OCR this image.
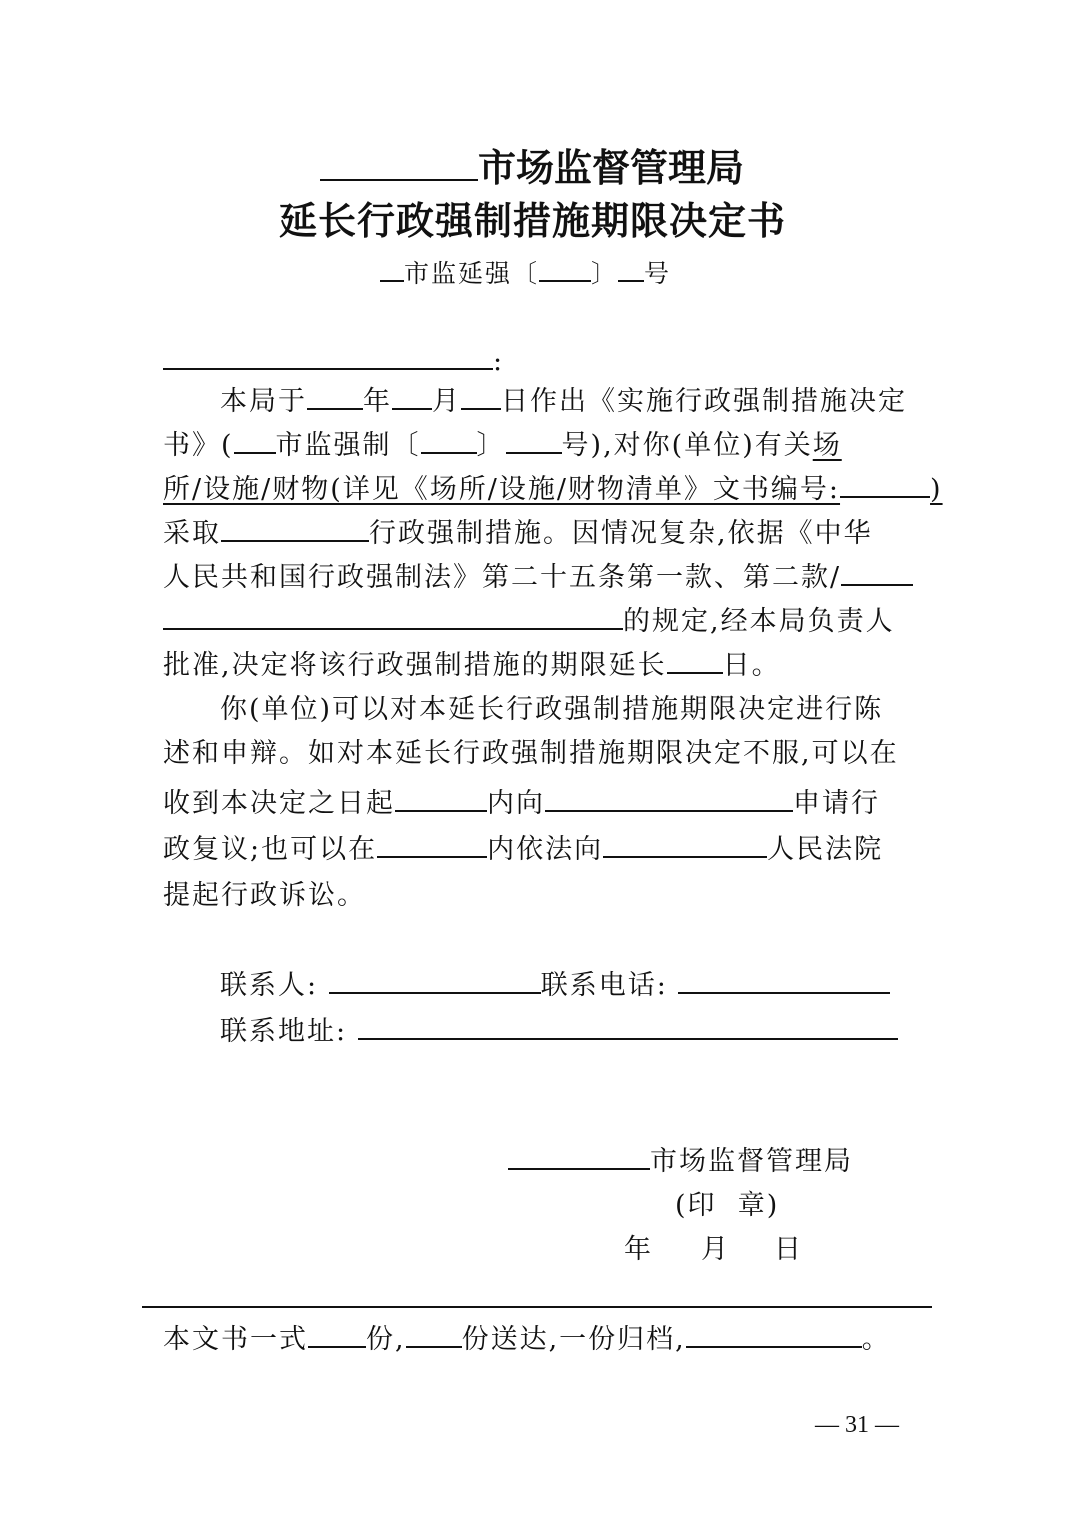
市场监督管理局
延长行政强制措施期限决定书
市监延强〔 〕 号
:
本局于 年 月 日作出《实施行政强制措施决定
书》( 市监强制〔 〕 号),对你(单位)有关场
所/设施/财物(详见《场所/设施/财物清单》文书编号:	)
采取	行政强制措施。因情况复杂,依据《中华
人民共和国行政强制法》第二十五条第一款、第二款/
的规定,经本局负责人
批准,决定将该行政强制措施的期限延长 日。
你(单位)可以对本延长行政强制措施期限决定进行陈
述和申辩。如对本延长行政强制措施期限决定不服,可以在
收到本决定之日起	内向	申请行
政复议;也可以在	内依法向	人民法院
提起行政诉讼。
联系人:	联系电话:
联系地址:
市场监督管理局
(印  章)
年 月 日
本文书一式 份, 份送达,一份归档,	。
— 31 —
